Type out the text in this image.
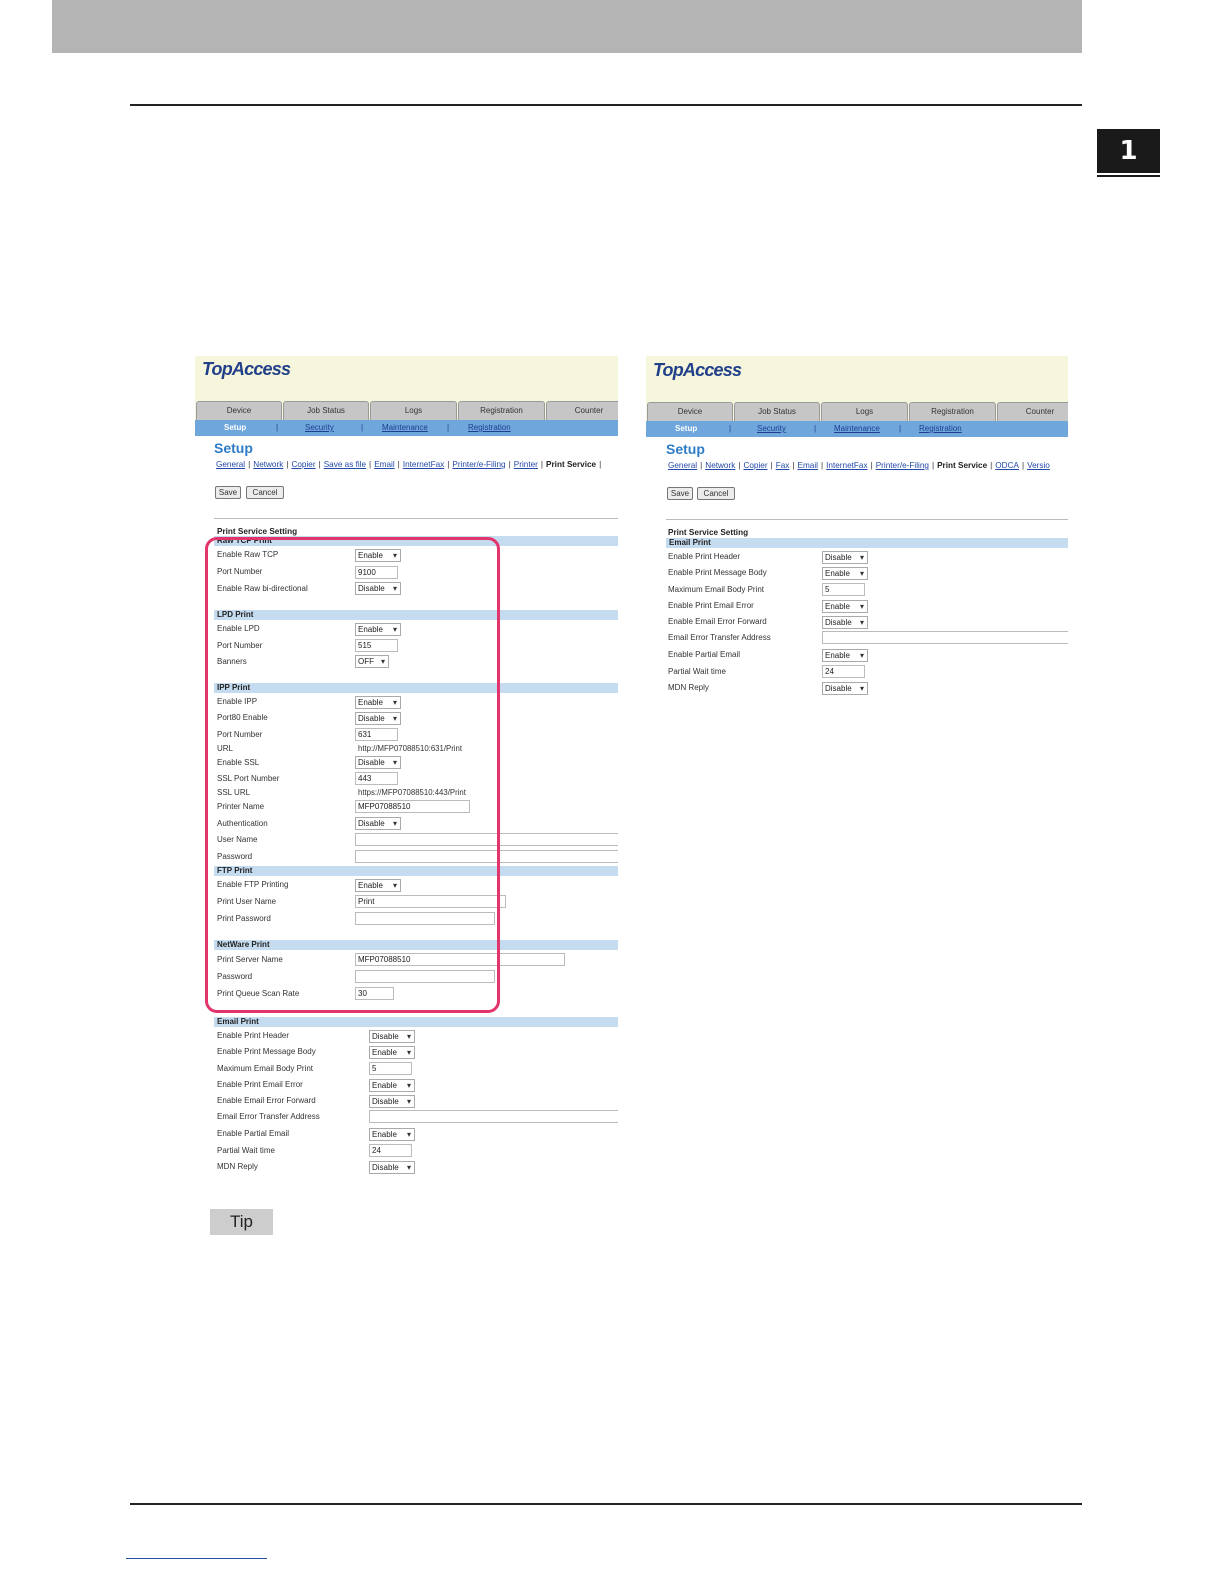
1
TopAccess
Device	Job Status	Logs	Registration	Counter
Setup	|	Security	| Maintenance | Registration
Setup
General | Network | Copier | Save as file | Email | InternetFax | Printer/e-Filing | Printer | Print Service |
Save	Cancel
Print Service Setting
Raw TCP Print
Enable Raw TCP	Enable ▾
Port Number	9100
Enable Raw bi-directional	Disable ▾
LPD Print
Enable LPD	Enable ▾
Port Number	515
Banners	OFF ▾
IPP Print
Enable IPP	Enable ▾
Port80 Enable	Disable ▾
Port Number	631
URL	http://MFP07088510:631/Print
Enable SSL	Disable ▾
SSL Port Number	443
SSL URL	https://MFP07088510:443/Print
Printer Name	MFP07088510
Authentication	Disable ▾
User Name
Password
FTP Print
Enable FTP Printing	Enable ▾
Print User Name	Print
Print Password
NetWare Print
Print Server Name	MFP07088510
Password
Print Queue Scan Rate	30
Email Print
Enable Print Header	Disable ▾
Enable Print Message Body	Enable ▾
Maximum Email Body Print	5
Enable Print Email Error	Enable ▾
Enable Email Error Forward	Disable ▾
Email Error Transfer Address
Enable Partial Email	Enable ▾
Partial Wait time	24
MDN Reply	Disable ▾
TopAccess
Device	Job Status	Logs	Registration	Counter
Setup	|	Security	| Maintenance | Registration
Setup
General | Network | Copier | Fax | Email | InternetFax | Printer/e-Filing | Print Service | ODCA | Versio
Save	Cancel
Print Service Setting
Email Print
Enable Print Header	Disable ▾
Enable Print Message Body	Enable ▾
Maximum Email Body Print	5
Enable Print Email Error	Enable ▾
Enable Email Error Forward	Disable ▾
Email Error Transfer Address
Enable Partial Email	Enable ▾
Partial Wait time	24
MDN Reply	Disable ▾
Tip
